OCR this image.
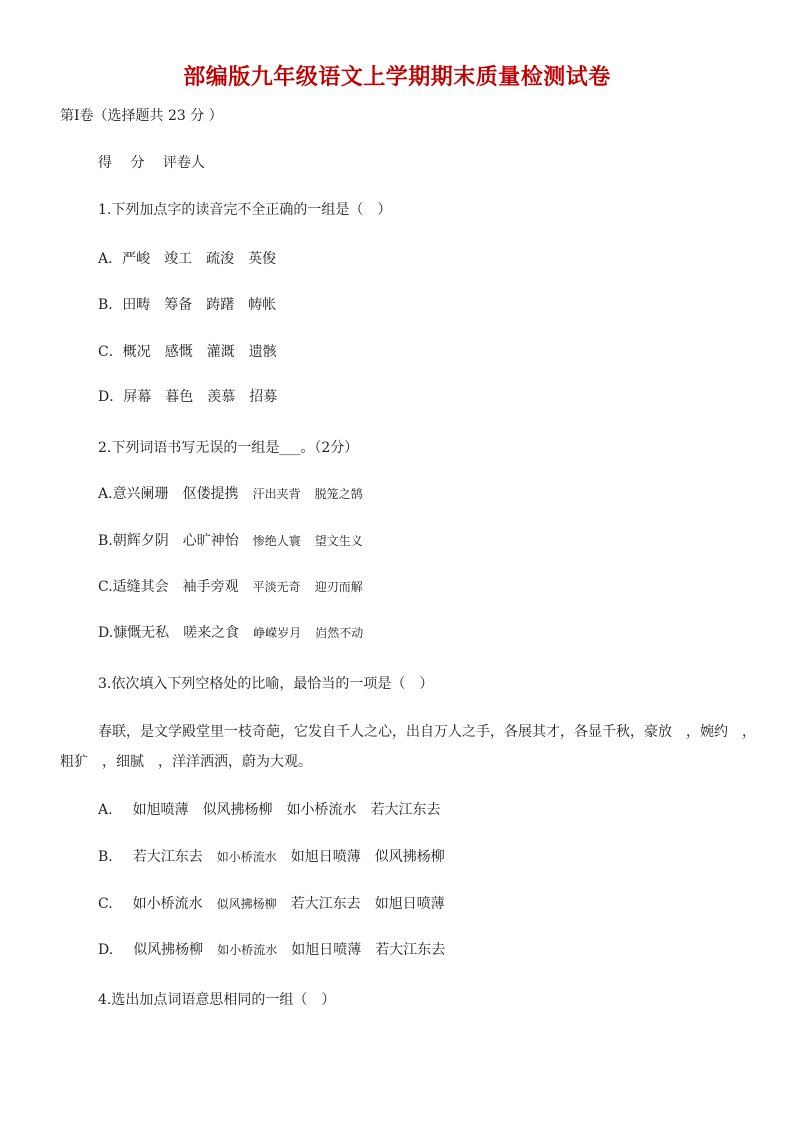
部编版九年级语文上学期期末质量检测试卷
第Ⅰ卷（选择题共 23 分 ）
得 分 评卷人
1.下列加点字的读音完不全正确的一组是（　）
A．严峻 竣工 疏浚 英俊
B．田畴 筹备 踌躇 帱帐
C．概况 感慨 灌溉 遗骸
D．屏幕 暮色 羡慕 招募
2.下列词语书写无误的一组是___。（2分）
A.意兴阑珊 伛偻提携 汗出夹背 脱笼之鹄
B.朝辉夕阴 心旷神怡 惨绝人寰 望文生义
C.适缝其会 袖手旁观 平淡无奇 迎刃而解
D.慷慨无私 嗟来之食 峥嵘岁月 岿然不动
3.依次填入下列空格处的比喻，最恰当的一项是（　）
春联，是文学殿堂里一枝奇葩，它发自千人之心，出自万人之手，各展其才，各显千秋，豪放　，婉约　，
粗犷　，细腻　，洋洋洒洒，蔚为大观。
A. 如旭喷薄 似风拂杨柳 如小桥流水 若大江东去
B. 若大江东去 如小桥流水 如旭日喷薄 似风拂杨柳
C. 如小桥流水 似风拂杨柳 若大江东去 如旭日喷薄
D. 似风拂杨柳 如小桥流水 如旭日喷薄 若大江东去
4.选出加点词语意思相同的一组（　）
